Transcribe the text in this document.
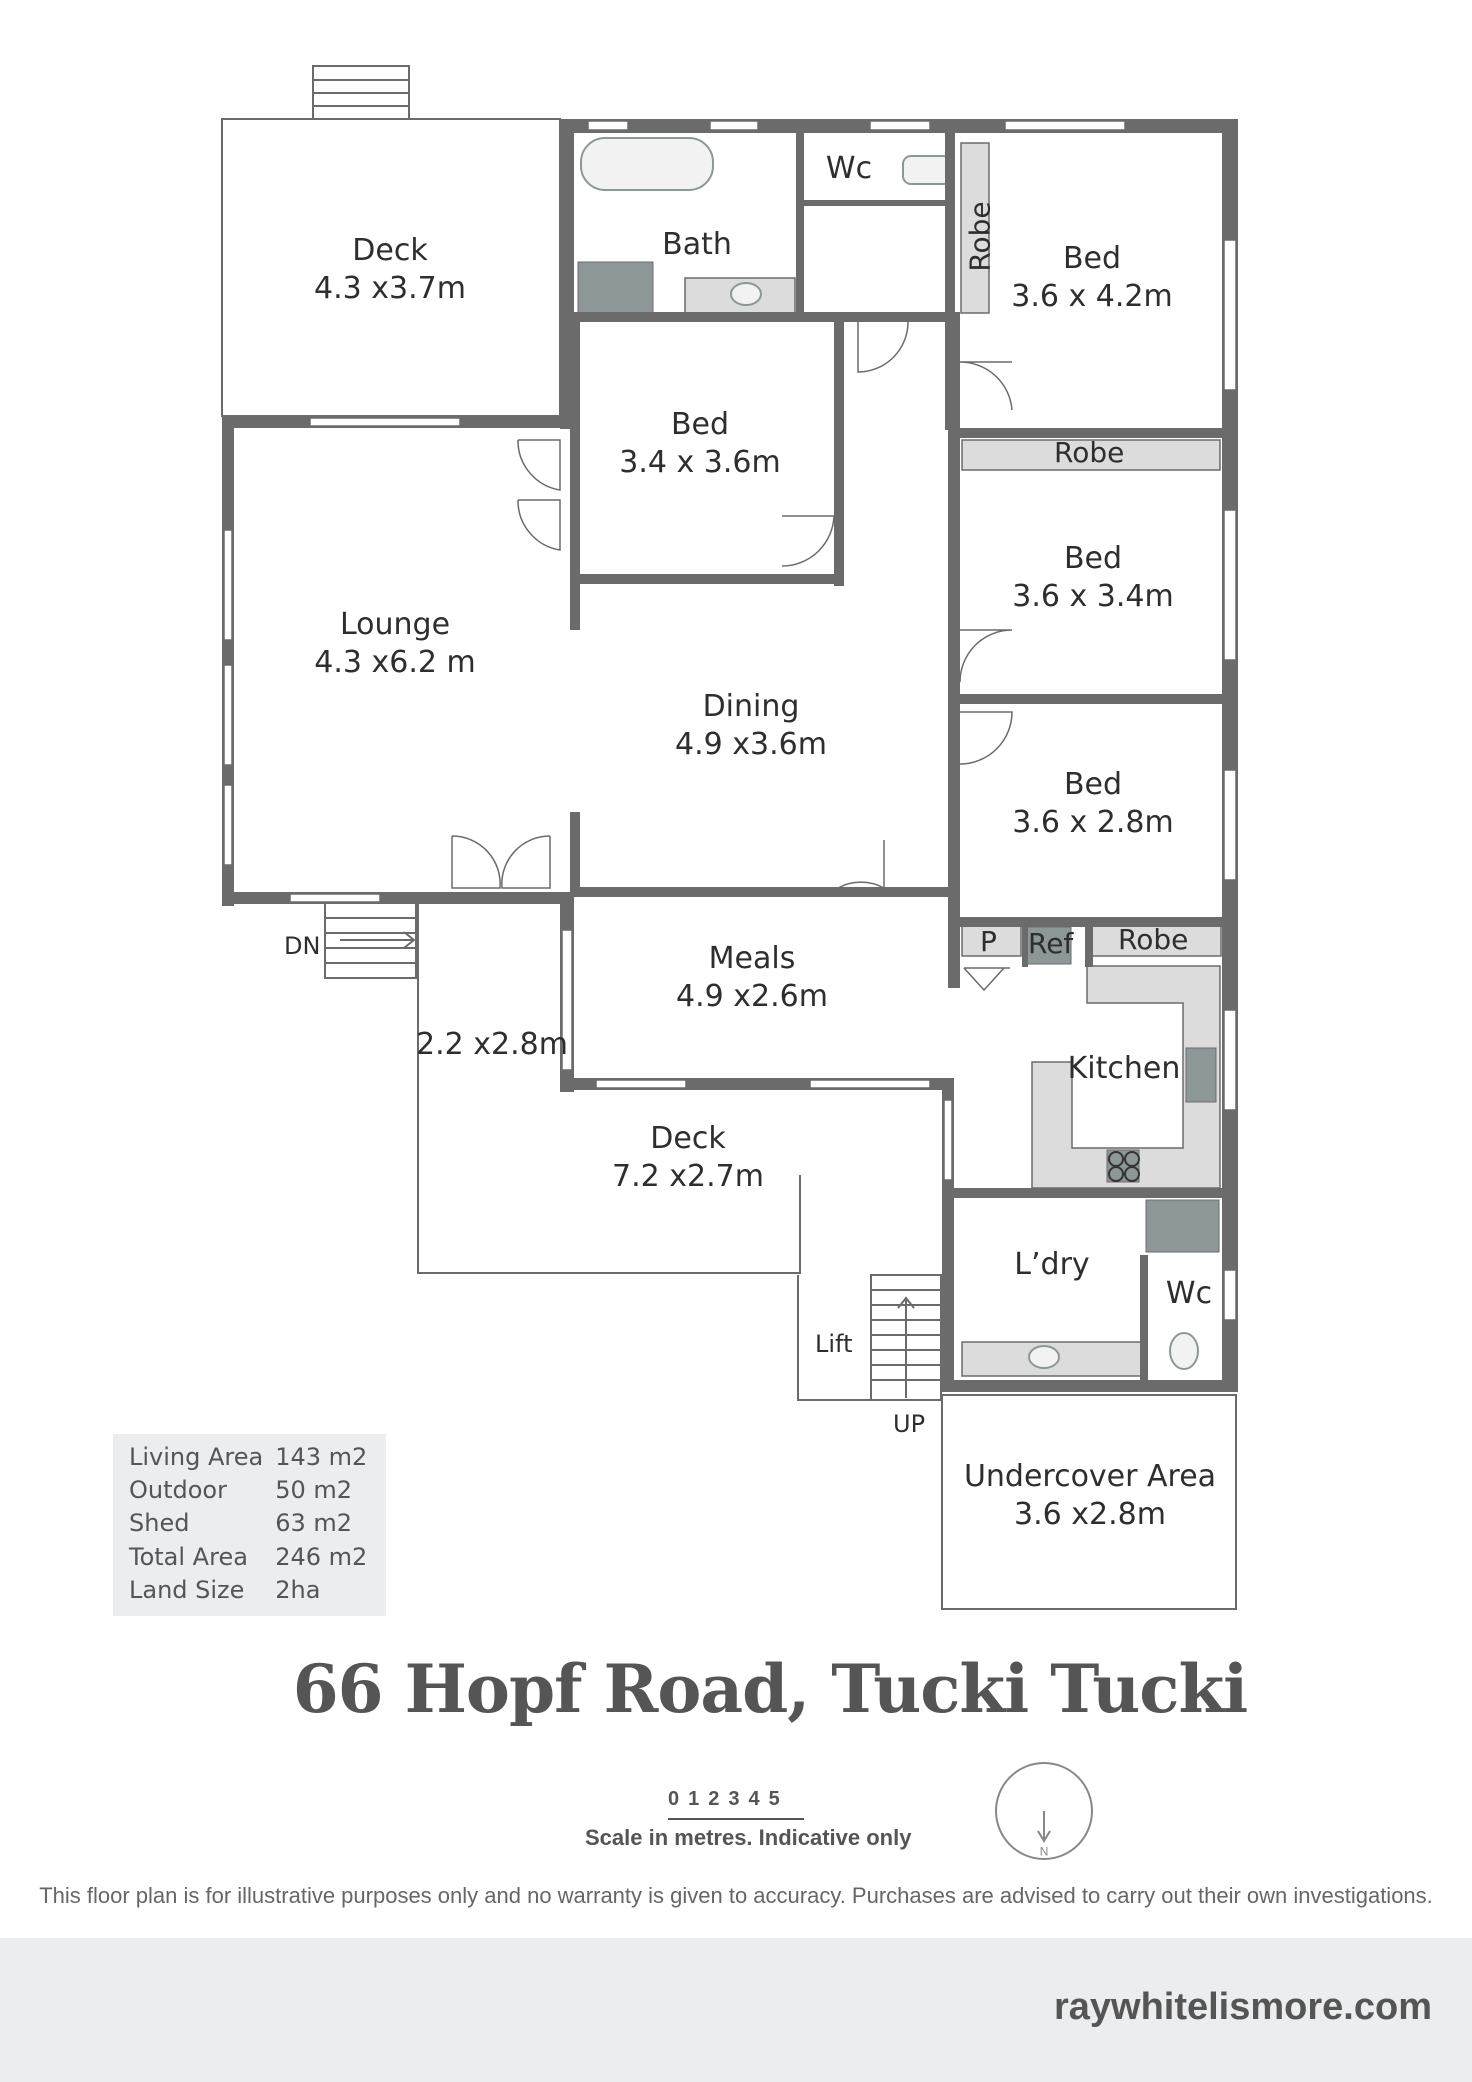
Deck
4.3 x3.7m
Bath
Wc
Robe	Bed
3.6 x 4.2m
Bed
3.4 x 3.6m	Robe
Bed
3.6 x 3.4m
Lounge
4.3 x6.2 m
Dining
4.9 x3.6m
Bed
3.6 x 2.8m
P Ref Robe
Meals
4.9 x2.6m
Kitchen
2.2 x2.8m
Deck
7.2 x2.7m
L’dry
Wc
Lift
DN
UP
Undercover Area
3.6 x2.8m
Living Area	143 m2
Outdoor	50 m2
Shed	63 m2
Total Area	246 m2
Land Size	2ha
66 Hopf Road, Tucki Tucki
012345
Scale in metres. Indicative only
N
This floor plan is for illustrative purposes only and no warranty is given to accuracy. Purchases are advised to carry out their own investigations.
raywhitelismore.com
